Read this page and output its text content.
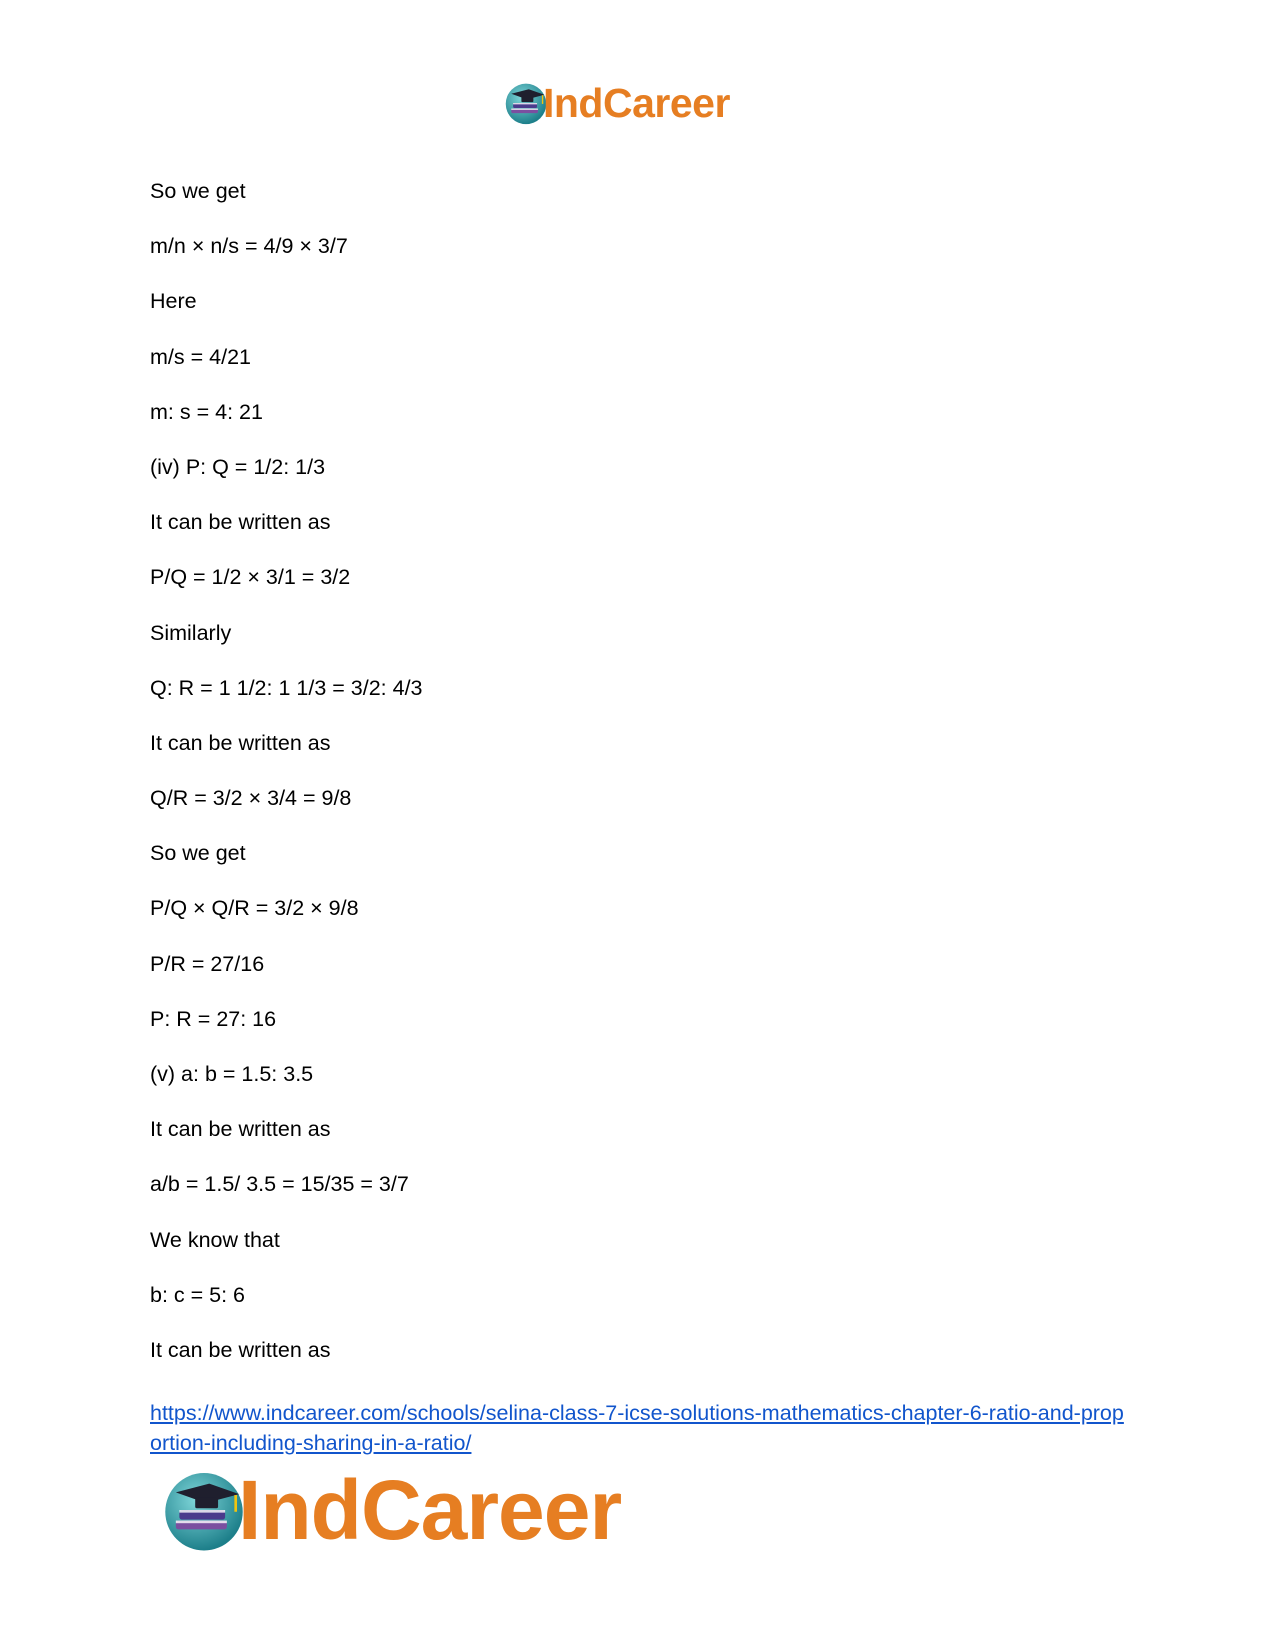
IndCareer
So we get
m/n × n/s = 4/9 × 3/7
Here
m/s = 4/21
m: s = 4: 21
(iv) P: Q = 1/2: 1/3
It can be written as
P/Q = 1/2 × 3/1 = 3/2
Similarly
Q: R = 1 1/2: 1 1/3 = 3/2: 4/3
It can be written as
Q/R = 3/2 × 3/4 = 9/8
So we get
P/Q × Q/R = 3/2 × 9/8
P/R = 27/16
P: R = 27: 16
(v) a: b = 1.5: 3.5
It can be written as
a/b = 1.5/ 3.5 = 15/35 = 3/7
We know that
b: c = 5: 6
It can be written as
https://www.indcareer.com/schools/selina-class-7-icse-solutions-mathematics-chapter-6-ratio-and-proportion-including-sharing-in-a-ratio/
IndCareer
